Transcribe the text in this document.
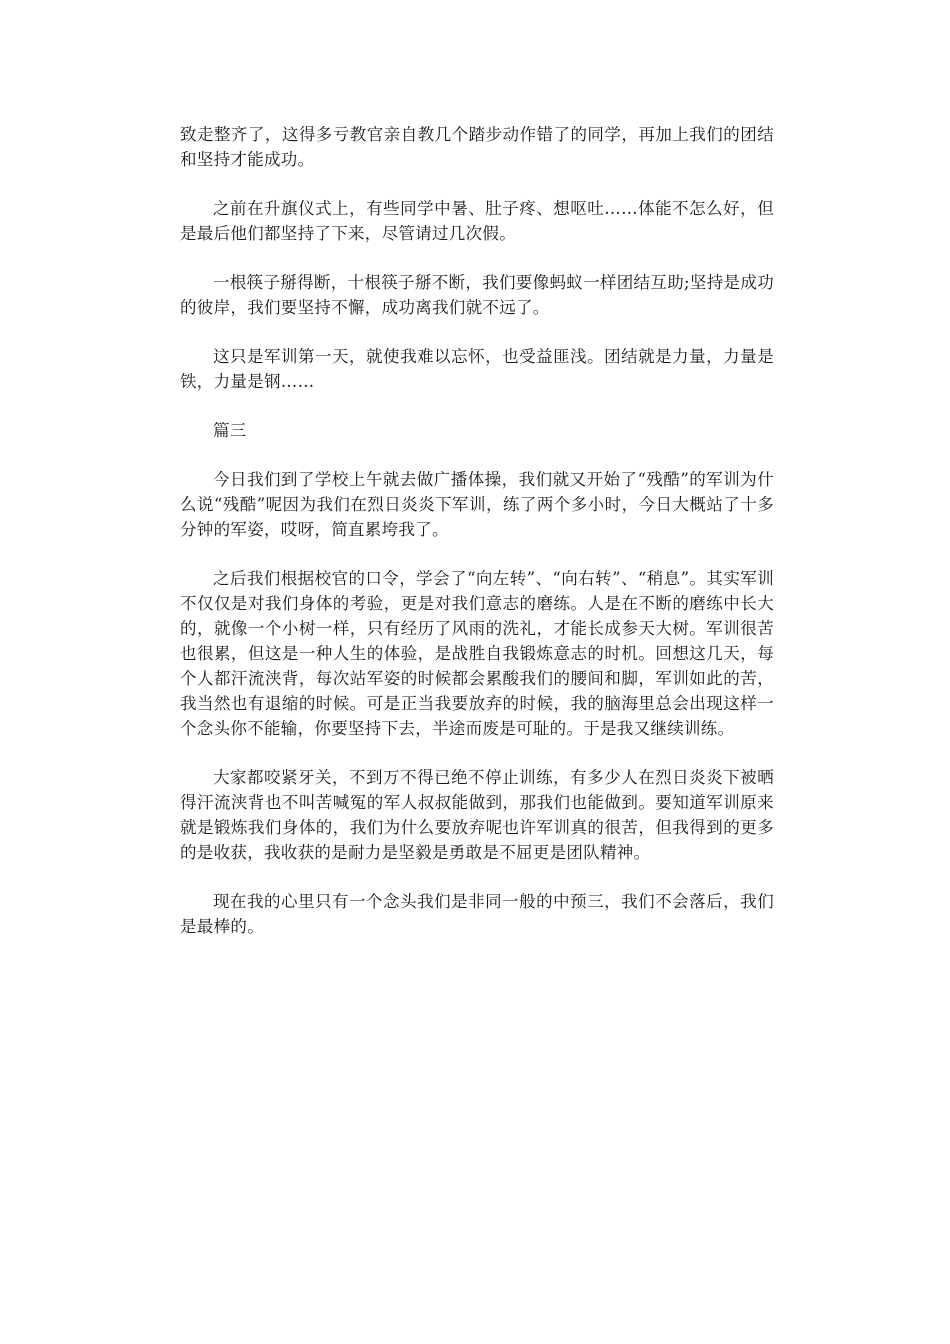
致走整齐了，这得多亏教官亲自教几个踏步动作错了的同学，再加上我们的团结和坚持才能成功。

之前在升旗仪式上，有些同学中暑、肚子疼、想呕吐……体能不怎么好，但是最后他们都坚持了下来，尽管请过几次假。

一根筷子掰得断，十根筷子掰不断，我们要像蚂蚁一样团结互助;坚持是成功的彼岸，我们要坚持不懈，成功离我们就不远了。

这只是军训第一天，就使我难以忘怀，也受益匪浅。团结就是力量，力量是铁，力量是钢……

篇三

今日我们到了学校上午就去做广播体操，我们就又开始了“残酷”的军训为什么说“残酷”呢因为我们在烈日炎炎下军训，练了两个多小时，今日大概站了十多分钟的军姿，哎呀，简直累垮我了。

之后我们根据校官的口令，学会了“向左转”、“向右转”、“稍息”。其实军训不仅仅是对我们身体的考验，更是对我们意志的磨练。人是在不断的磨练中长大的，就像一个小树一样，只有经历了风雨的洗礼，才能长成参天大树。军训很苦也很累，但这是一种人生的体验，是战胜自我锻炼意志的时机。回想这几天，每个人都汗流浃背，每次站军姿的时候都会累酸我们的腰间和脚，军训如此的苦，我当然也有退缩的时候。可是正当我要放弃的时候，我的脑海里总会出现这样一个念头你不能输，你要坚持下去，半途而废是可耻的。于是我又继续训练。

大家都咬紧牙关，不到万不得已绝不停止训练，有多少人在烈日炎炎下被晒得汗流浃背也不叫苦喊冤的军人叔叔能做到，那我们也能做到。要知道军训原来就是锻炼我们身体的，我们为什么要放弃呢也许军训真的很苦，但我得到的更多的是收获，我收获的是耐力是坚毅是勇敢是不屈更是团队精神。

现在我的心里只有一个念头我们是非同一般的中预三，我们不会落后，我们是最棒的。
